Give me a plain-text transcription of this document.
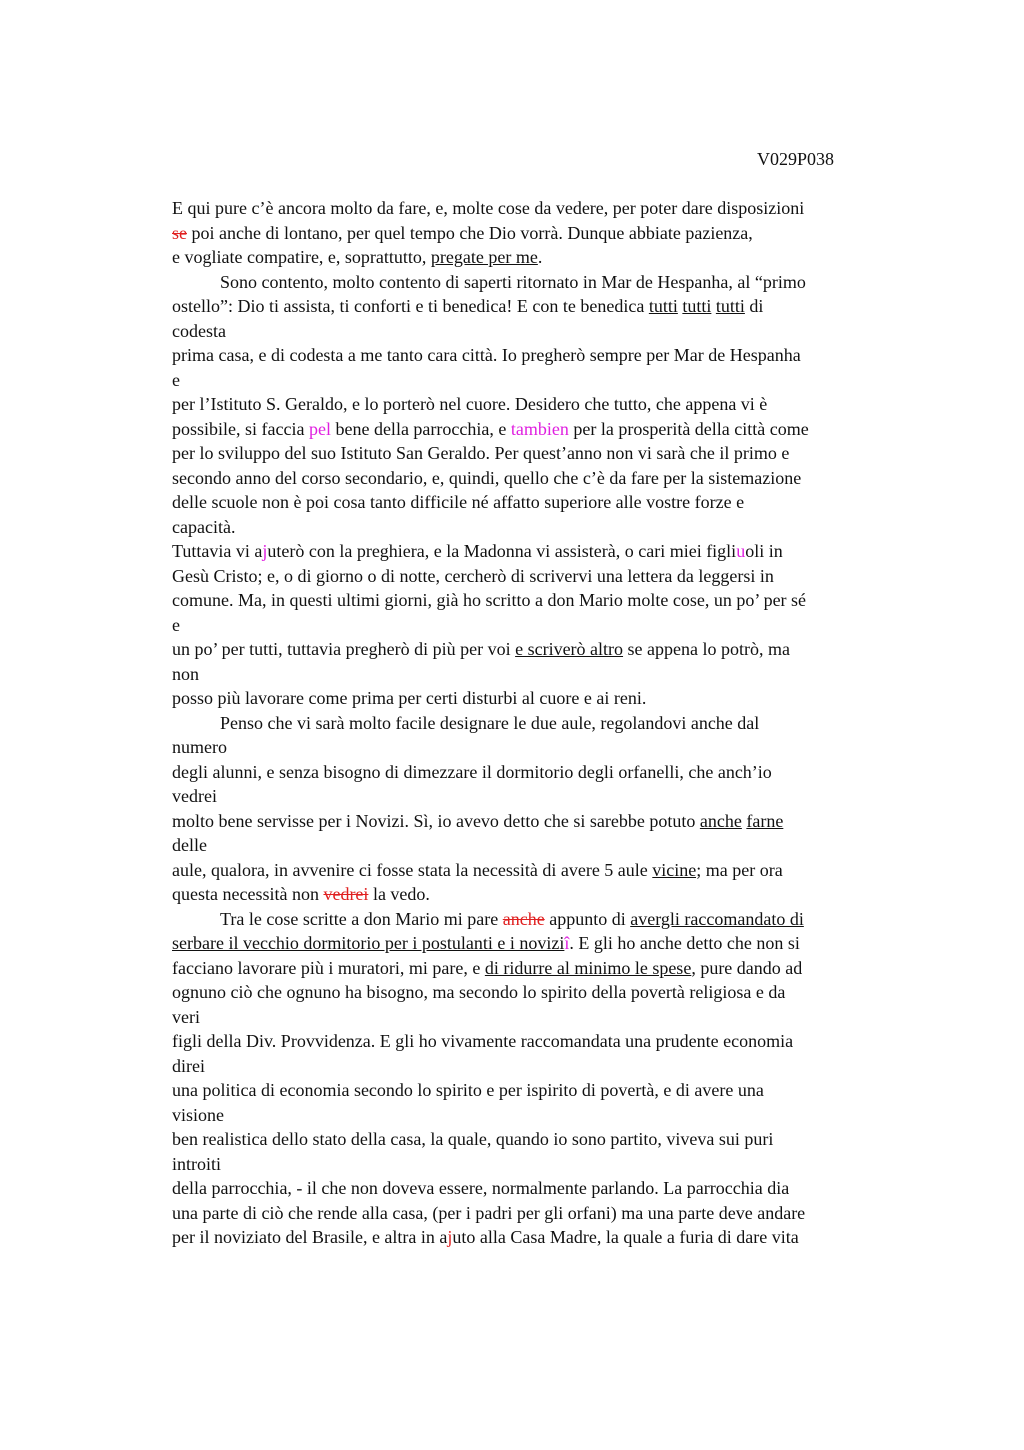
V029P038
E qui pure c’è ancora molto da fare, e, molte cose da vedere, per poter dare disposizioni
se poi anche di lontano, per quel tempo che Dio vorrà. Dunque abbiate pazienza,
e vogliate compatire, e, soprattutto, pregate per me.
Sono contento, molto contento di saperti ritornato in Mar de Hespanha, al “primo
ostello”: Dio ti assista, ti conforti e ti benedica! E con te benedica tutti tutti tutti di
codesta
prima casa, e di codesta a me tanto cara città. Io pregherò sempre per Mar de Hespanha
e
per l’Istituto S. Geraldo, e lo porterò nel cuore. Desidero che tutto, che appena vi è
possibile, si faccia pel bene della parrocchia, e tambien per la prosperità della città come
per lo sviluppo del suo Istituto San Geraldo. Per quest’anno non vi sarà che il primo e
secondo anno del corso secondario, e, quindi, quello che c’è da fare per la sistemazione
delle scuole non è poi cosa tanto difficile né affatto superiore alle vostre forze e
capacità.
Tuttavia vi ajuterò con la preghiera, e la Madonna vi assisterà, o cari miei figliuoli in
Gesù Cristo; e, o di giorno o di notte, cercherò di scrivervi una lettera da leggersi in
comune. Ma, in questi ultimi giorni, già ho scritto a don Mario molte cose, un po’ per sé
e
un po’ per tutti, tuttavia pregherò di più per voi e scriverò altro se appena lo potrò, ma
non
posso più lavorare come prima per certi disturbi al cuore e ai reni.
Penso che vi sarà molto facile designare le due aule, regolandovi anche dal
numero
degli alunni, e senza bisogno di dimezzare il dormitorio degli orfanelli, che anch’io
vedrei
molto bene servisse per i Novizi. Sì, io avevo detto che si sarebbe potuto anche farne
delle
aule, qualora, in avvenire ci fosse stata la necessità di avere 5 aule vicine; ma per ora
questa necessità non vedrei la vedo.
Tra le cose scritte a don Mario mi pare anche appunto di avergli raccomandato di
serbare il vecchio dormitorio per i postulanti e i noviziî. E gli ho anche detto che non si
facciano lavorare più i muratori, mi pare, e di ridurre al minimo le spese, pure dando ad
ognuno ciò che ognuno ha bisogno, ma secondo lo spirito della povertà religiosa e da
veri
figli della Div. Provvidenza. E gli ho vivamente raccomandata una prudente economia
direi
una politica di economia secondo lo spirito e per ispirito di povertà, e di avere una
visione
ben realistica dello stato della casa, la quale, quando io sono partito, viveva sui puri
introiti
della parrocchia, - il che non doveva essere, normalmente parlando. La parrocchia dia
una parte di ciò che rende alla casa, (per i padri per gli orfani) ma una parte deve andare
per il noviziato del Brasile, e altra in ajuto alla Casa Madre, la quale a furia di dare vita
